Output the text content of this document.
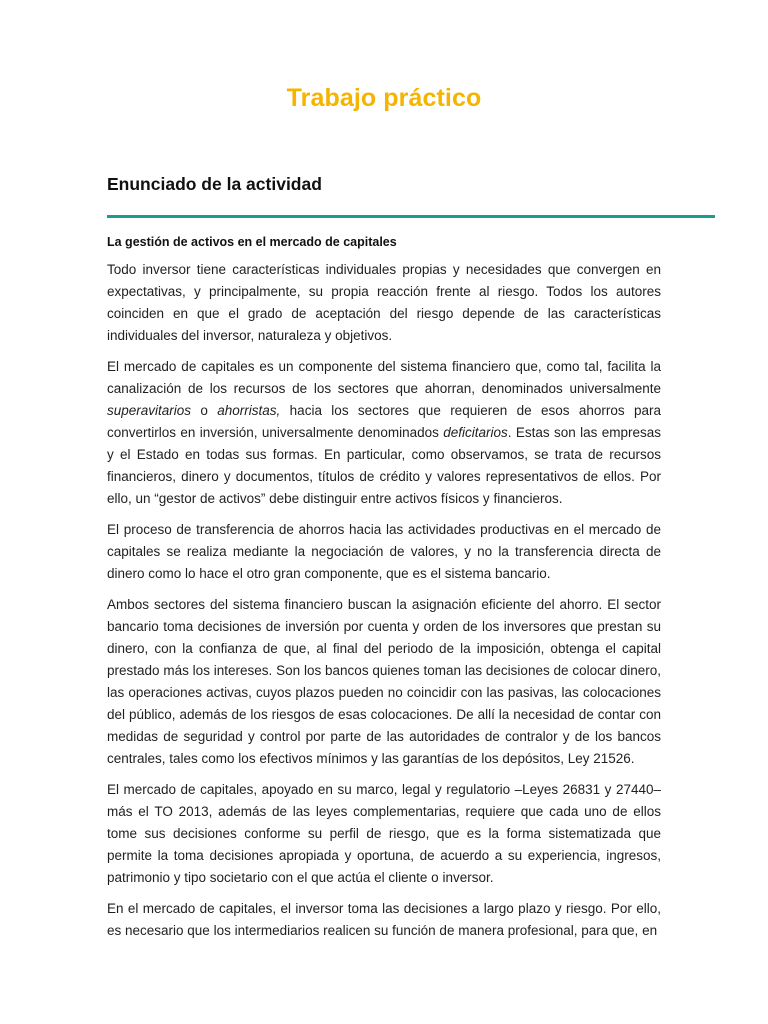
Trabajo práctico
Enunciado de la actividad
La gestión de activos en el mercado de capitales

Todo inversor tiene características individuales propias y necesidades que convergen en expectativas, y principalmente, su propia reacción frente al riesgo. Todos los autores coinciden en que el grado de aceptación del riesgo depende de las características individuales del inversor, naturaleza y objetivos.

El mercado de capitales es un componente del sistema financiero que, como tal, facilita la canalización de los recursos de los sectores que ahorran, denominados universalmente superavitarios o ahorristas, hacia los sectores que requieren de esos ahorros para convertirlos en inversión, universalmente denominados deficitarios. Estas son las empresas y el Estado en todas sus formas. En particular, como observamos, se trata de recursos financieros, dinero y documentos, títulos de crédito y valores representativos de ellos. Por ello, un “gestor de activos” debe distinguir entre activos físicos y financieros.

El proceso de transferencia de ahorros hacia las actividades productivas en el mercado de capitales se realiza mediante la negociación de valores, y no la transferencia directa de dinero como lo hace el otro gran componente, que es el sistema bancario.

Ambos sectores del sistema financiero buscan la asignación eficiente del ahorro. El sector bancario toma decisiones de inversión por cuenta y orden de los inversores que prestan su dinero, con la confianza de que, al final del periodo de la imposición, obtenga el capital prestado más los intereses. Son los bancos quienes toman las decisiones de colocar dinero, las operaciones activas, cuyos plazos pueden no coincidir con las pasivas, las colocaciones del público, además de los riesgos de esas colocaciones. De allí la necesidad de contar con medidas de seguridad y control por parte de las autoridades de contralor y de los bancos centrales, tales como los efectivos mínimos y las garantías de los depósitos, Ley 21526.

El mercado de capitales, apoyado en su marco, legal y regulatorio –Leyes 26831 y 27440– más el TO 2013, además de las leyes complementarias, requiere que cada uno de ellos tome sus decisiones conforme su perfil de riesgo, que es la forma sistematizada que permite la toma decisiones apropiada y oportuna, de acuerdo a su experiencia, ingresos, patrimonio y tipo societario con el que actúa el cliente o inversor.

En el mercado de capitales, el inversor toma las decisiones a largo plazo y riesgo. Por ello, es necesario que los intermediarios realicen su función de manera profesional, para que, en
